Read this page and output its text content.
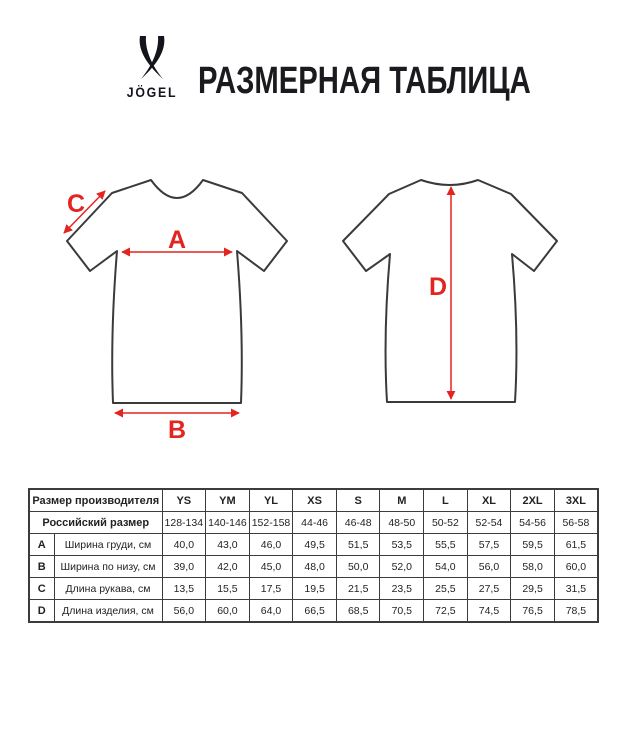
JÖGEL РАЗМЕРНАЯ ТАБЛИЦА
A
B
C
D
Размер производителя		YS	YM	YL	XS	S	M	L	XL	2XL	3XL
Российский размер		128-134	140-146	152-158	44-46	46-48	48-50	50-52	52-54	54-56	56-58
A	Ширина груди, см	40,0	43,0	46,0	49,5	51,5	53,5	55,5	57,5	59,5	61,5
B	Ширина по низу, см	39,0	42,0	45,0	48,0	50,0	52,0	54,0	56,0	58,0	60,0
C	Длина рукава, см	13,5	15,5	17,5	19,5	21,5	23,5	25,5	27,5	29,5	31,5
D	Длина изделия, см	56,0	60,0	64,0	66,5	68,5	70,5	72,5	74,5	76,5	78,5
